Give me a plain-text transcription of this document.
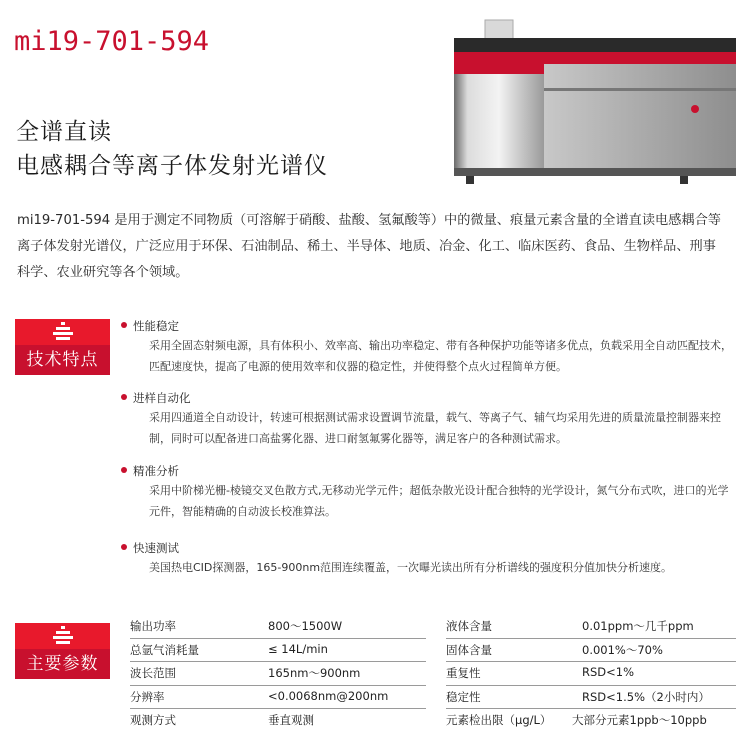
mi19-701-594
全谱直读
电感耦合等离子体发射光谱仪
mi19-701-594 是用于测定不同物质（可溶解于硝酸、盐酸、氢氟酸等）中的微量、痕量元素含量的全谱直读电感耦合等离子体发射光谱仪，广泛应用于环保、石油制品、稀土、半导体、地质、冶金、化工、临床医药、食品、生物样品、刑事科学、农业研究等各个领域。
技术特点
性能稳定
采用全固态射频电源，具有体积小、效率高、输出功率稳定、带有各种保护功能等诸多优点，负载采用全自动匹配技术，匹配速度快，提高了电源的使用效率和仪器的稳定性，并使得整个点火过程简单方便。
进样自动化
采用四通道全自动设计，转速可根据测试需求设置调节流量，载气、等离子气、辅气均采用先进的质量流量控制器来控制，同时可以配备进口高盐雾化器、进口耐氢氟雾化器等，满足客户的各种测试需求。
精准分析
采用中阶梯光栅-棱镜交叉色散方式,无移动光学元件；超低杂散光设计配合独特的光学设计，氮气分布式吹，进口的光学元件，智能精确的自动波长校准算法。
快速测试
美国热电CID探测器，165-900nm范围连续覆盖，一次曝光读出所有分析谱线的强度积分值加快分析速度。
主要参数
输出功率	800～1500W
总氩气消耗量	≤ 14L/min
波长范围	165nm～900nm
分辨率	<0.0068nm@200nm
观测方式	垂直观测
液体含量	0.01ppm～几千ppm
固体含量	0.001%～70%
重复性	RSD<1%
稳定性	RSD<1.5%（2小时内）
元素检出限（μg/L） 大部分元素1ppb～10ppb
